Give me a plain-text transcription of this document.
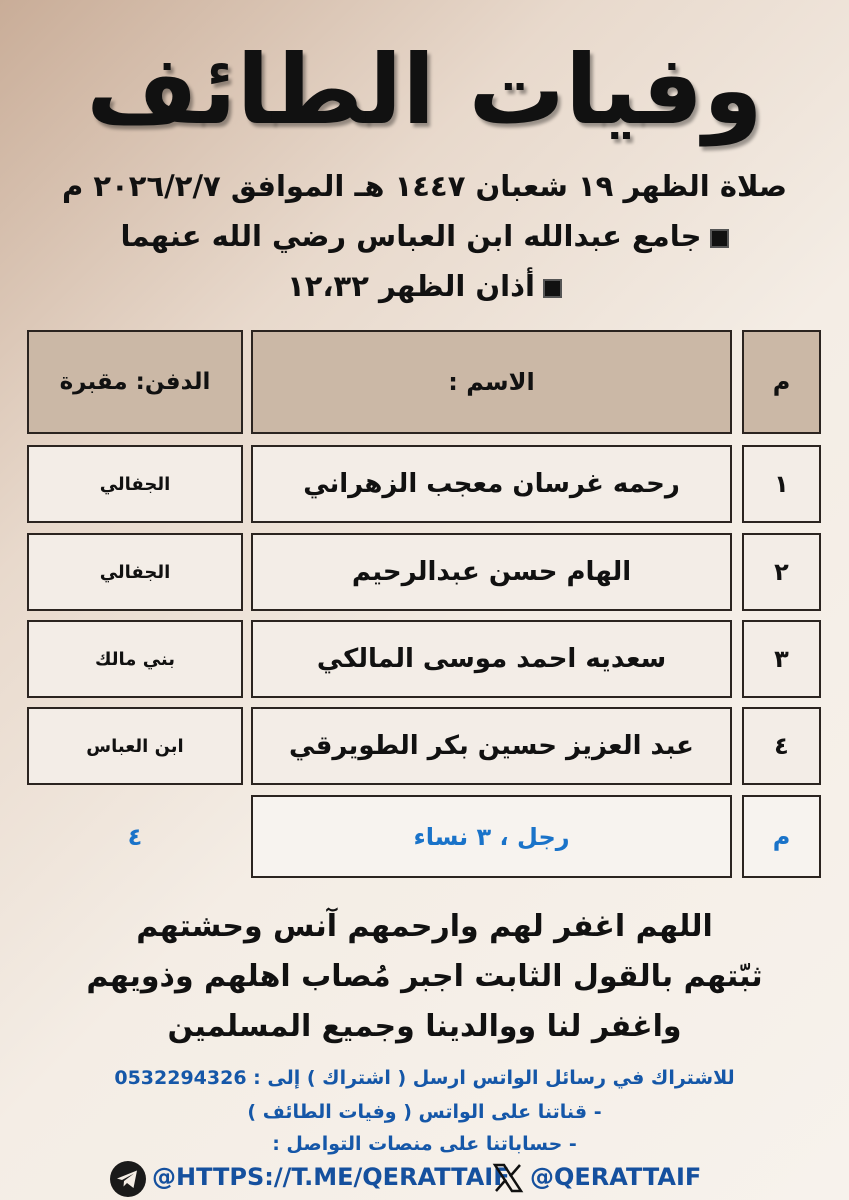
وفيات الطائف
صلاة الظهر ١٩ شعبان ١٤٤٧ هـ الموافق ٢٠٢٦/٢/٧ م
جامع عبدالله ابن العباس رضي الله عنهما
أذان الظهر ١٢،٣٢
م
الاسم :
الدفن: مقبرة
١
رحمه غرسان معجب الزهراني
الجفالي
٢
الهام حسن عبدالرحيم
الجفالي
٣
سعديه احمد موسى المالكي
بني مالك
٤
عبد العزيز حسين بكر الطويرقي
ابن العباس
م
رجل ، ٣ نساء
٤
اللهم اغفر لهم وارحمهم آنس وحشتهم
ثبّتهم بالقول الثابت اجبر مُصاب اهلهم وذويهم
واغفر لنا ووالدينا وجميع المسلمين
للاشتراك في رسائل الواتس ارسل ( اشتراك ) إلى : 0532294326
- قناتنا على الواتس ( وفيات الطائف )
- حساباتنا على منصات التواصل :
@HTTPS://T.ME/QERATTAIF @QERATTAIF
